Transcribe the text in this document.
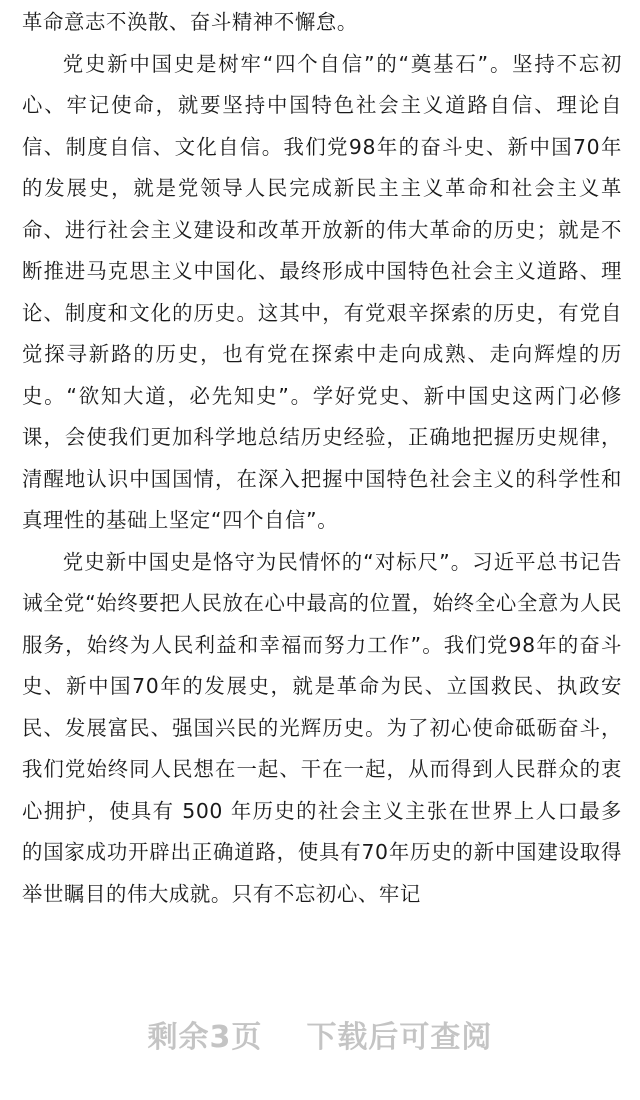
革命意志不涣散、奋斗精神不懈怠。

党史新中国史是树牢“四个自信”的“奠基石”。坚持不忘初心、牢记使命，就要坚持中国特色社会主义道路自信、理论自信、制度自信、文化自信。我们党98年的奋斗史、新中国70年的发展史，就是党领导人民完成新民主主义革命和社会主义革命、进行社会主义建设和改革开放新的伟大革命的历史；就是不断推进马克思主义中国化、最终形成中国特色社会主义道路、理论、制度和文化的历史。这其中，有党艰辛探索的历史，有党自觉探寻新路的历史，也有党在探索中走向成熟、走向辉煌的历史。“欲知大道，必先知史”。学好党史、新中国史这两门必修课，会使我们更加科学地总结历史经验，正确地把握历史规律，清醒地认识中国国情，在深入把握中国特色社会主义的科学性和真理性的基础上坚定“四个自信”。

党史新中国史是恪守为民情怀的“对标尺”。习近平总书记告诫全党“始终要把人民放在心中最高的位置，始终全心全意为人民服务，始终为人民利益和幸福而努力工作”。我们党98年的奋斗史、新中国70年的发展史，就是革命为民、立国救民、执政安民、发展富民、强国兴民的光辉历史。为了初心使命砥砺奋斗，我们党始终同人民想在一起、干在一起，从而得到人民群众的衷心拥护，使具有 500 年历史的社会主义主张在世界上人口最多的国家成功开辟出正确道路，使具有70年历史的新中国建设取得举世瞩目的伟大成就。只有不忘初心、牢记

剩余3页 下载后可查阅
